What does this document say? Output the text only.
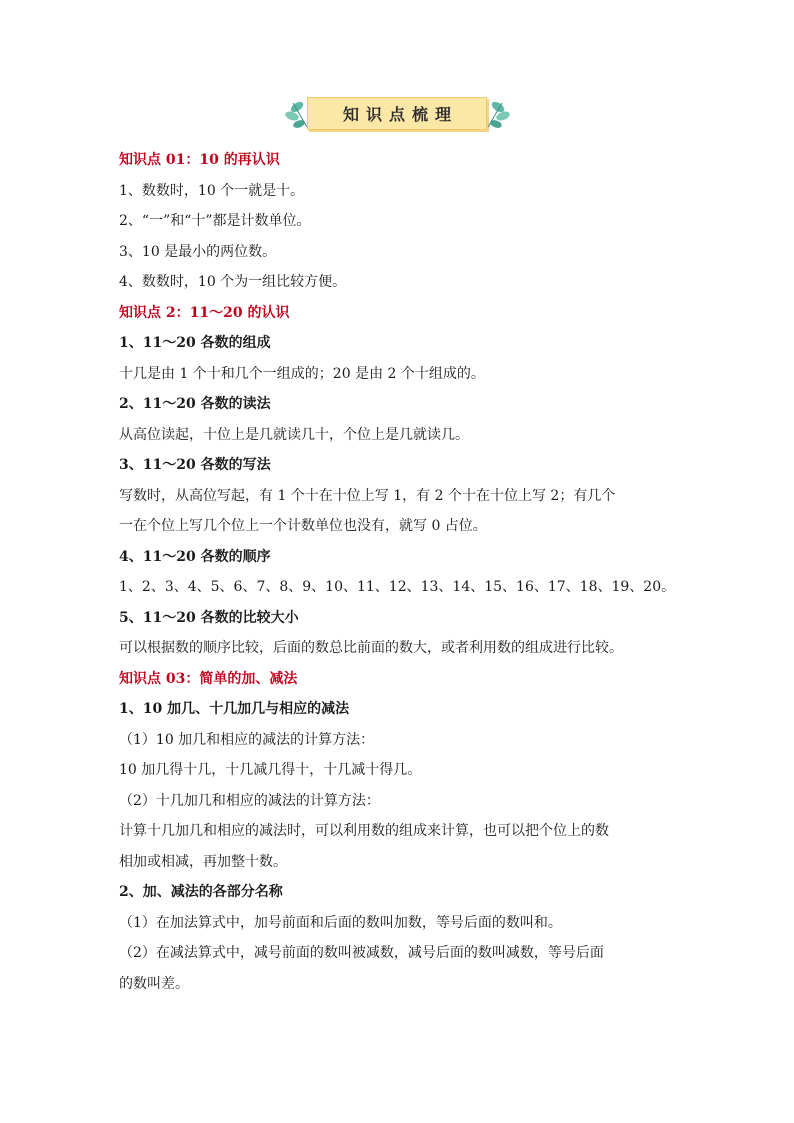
知识点梳理
知识点 01：10 的再认识
1、数数时，10 个一就是十。
2、“一”和“十”都是计数单位。
3、10 是最小的两位数。
4、数数时，10 个为一组比较方便。
知识点 2：11～20 的认识
1、11～20 各数的组成
十几是由 1 个十和几个一组成的；20 是由 2 个十组成的。
2、11～20 各数的读法
从高位读起，十位上是几就读几十，个位上是几就读几。
3、11～20 各数的写法
写数时，从高位写起，有 1 个十在十位上写 1，有 2 个十在十位上写 2；有几个
一在个位上写几个位上一个计数单位也没有，就写 0 占位。
4、11～20 各数的顺序
1、2、3、4、5、6、7、8、9、10、11、12、13、14、15、16、17、18、19、20。
5、11～20 各数的比较大小
可以根据数的顺序比较，后面的数总比前面的数大，或者利用数的组成进行比较。
知识点 03：简单的加、减法
1、10 加几、十几加几与相应的减法
（1）10 加几和相应的减法的计算方法：
10 加几得十几，十几减几得十，十几减十得几。
（2）十几加几和相应的减法的计算方法：
计算十几加几和相应的减法时，可以利用数的组成来计算，也可以把个位上的数
相加或相减，再加整十数。
2、加、减法的各部分名称
（1）在加法算式中，加号前面和后面的数叫加数，等号后面的数叫和。
（2）在减法算式中，减号前面的数叫被减数，减号后面的数叫减数，等号后面
的数叫差。
